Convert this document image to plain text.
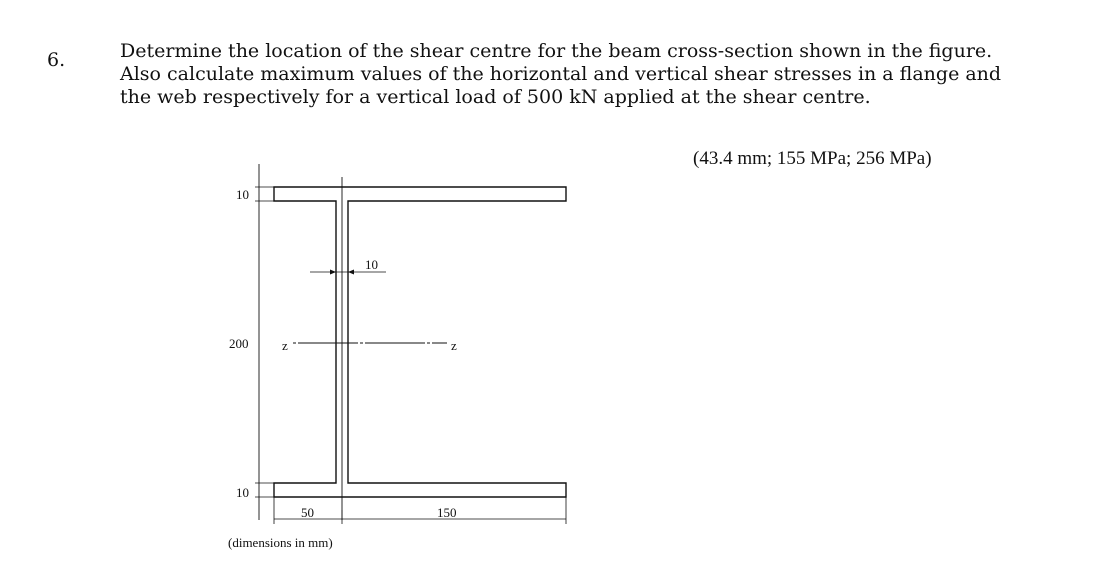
6.	Determine the location of the shear centre for the beam cross-section shown in the figure.
Also calculate maximum values of the horizontal and vertical shear stresses in a flange and
the web respectively for a vertical load of 500 kN applied at the shear centre.
(43.4 mm; 155 MPa; 256 MPa)
z	z
10
200
10
10
50	150
(dimensions in mm)
